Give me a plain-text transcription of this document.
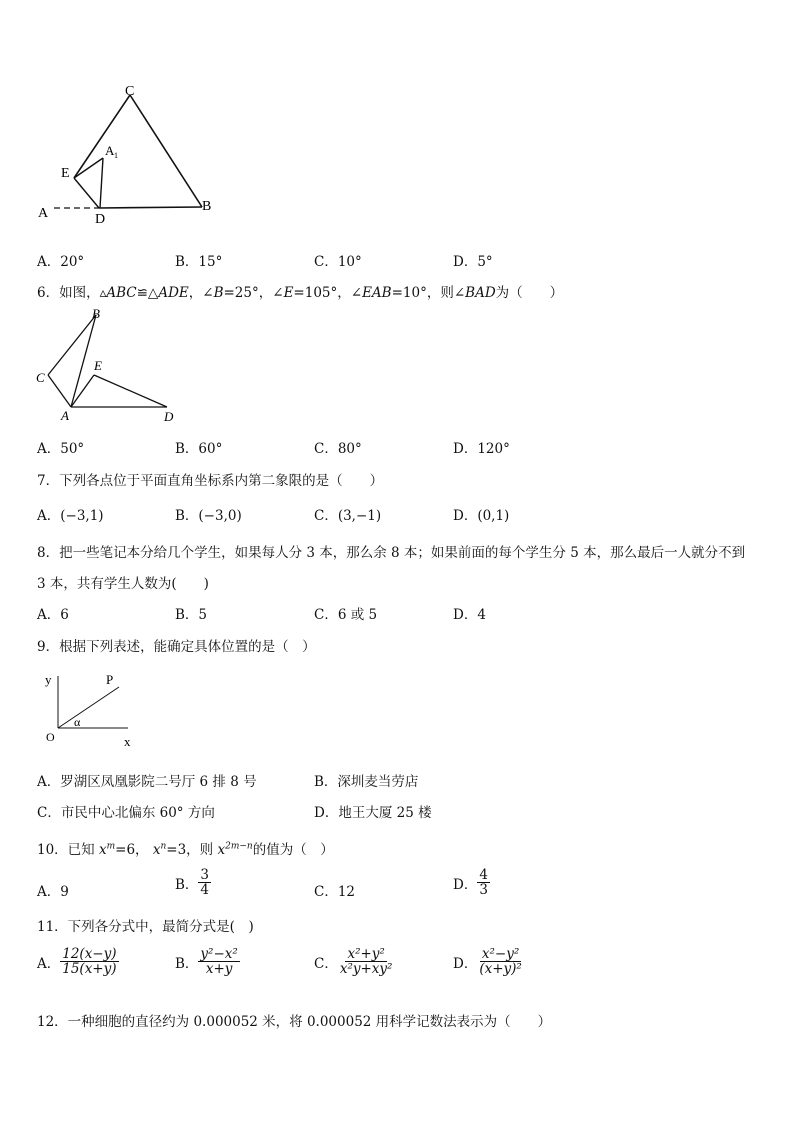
C
A 1
E
A	D
B
A．20°	B．15°	C．10°	D．5°
6．如图，▵ABC≌△ADE，∠B=25°，∠E=105°，∠EAB=10°，则∠BAD为（　　）
B
C
E
A	D
A．50°	B．60°	C．80°	D．120°
7．下列各点位于平面直角坐标系内第二象限的是（　　）
A．(−3,1)	B．(−3,0)	C．(3,−1)	D．(0,1)
8．把一些笔记本分给几个学生，如果每人分 3 本，那么余 8 本；如果前面的每个学生分 5 本，那么最后一人就分不到
3 本，共有学生人数为(　　)
A．6	B．5	C．6 或 5	D．4
9．根据下列表述，能确定具体位置的是（　）
y	P
O
α
x
A．罗湖区凤凰影院二号厅 6 排 8 号	B．深圳麦当劳店
C．市民中心北偏东 60° 方向	D．地王大厦 25 楼
10．已知 $x^m=6$， $x^n=3$，则 $x^{2m-n}$的值为（　）
A．9	B． $\frac{3}{4}$	C．12	D． $\frac{4}{3}$
11．下列各分式中，最简分式是(　)
A． $\frac{12(x-y)}{15(x+y)}$	B． $\frac{\text{y²−x²}}{x+y}$	C． $\frac{\text{x²+y²}}{\text{x²y+xy²}}$	D． $\frac{\text{x²−y²}}{\text{(x+y)²}}$
12．一种细胞的直径约为 0.000052 米，将 0.000052 用科学记数法表示为（　　）
